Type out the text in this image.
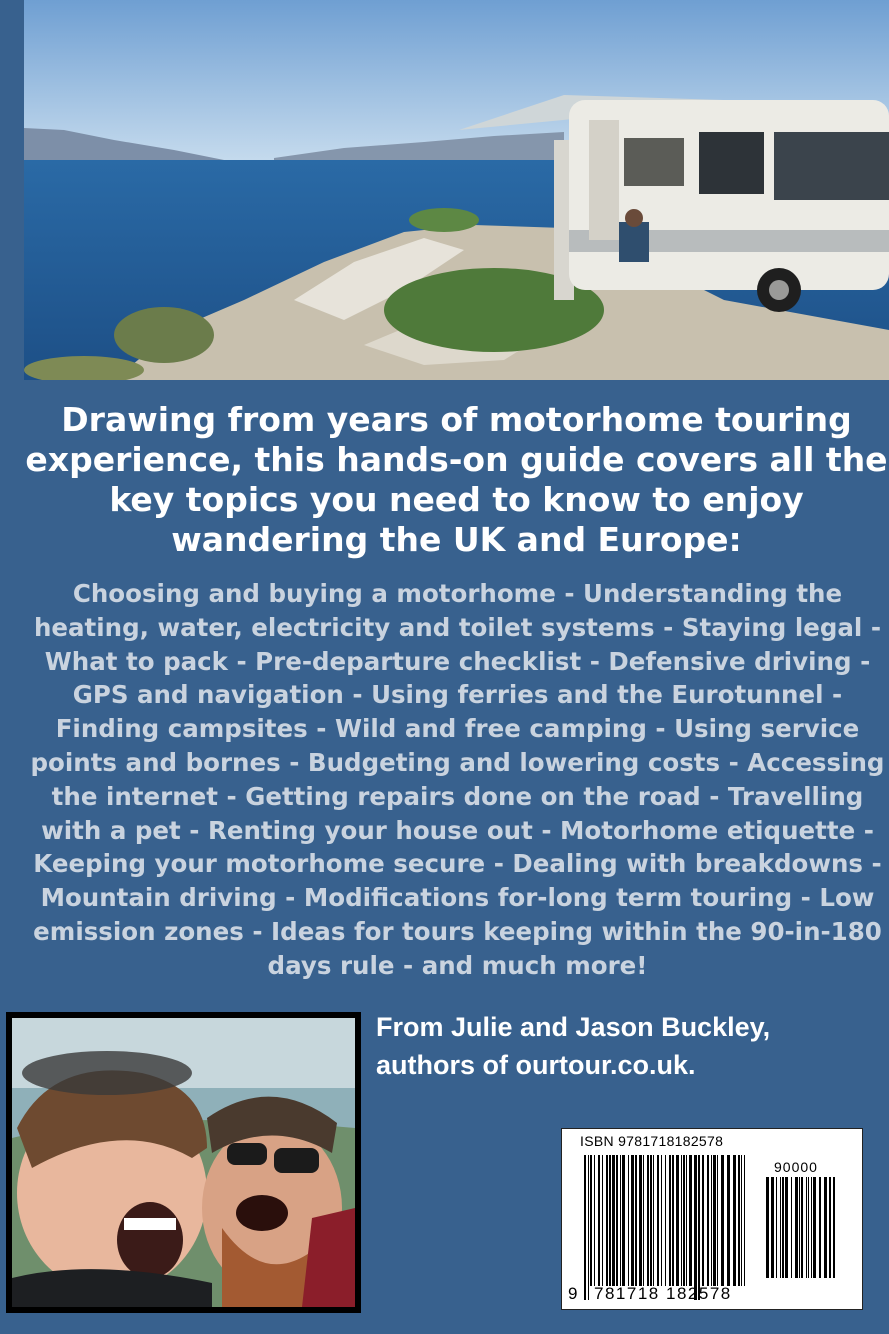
Drawing from years of motorhome touring experience, this hands-on guide covers all the key topics you need to know to enjoy wandering the UK and Europe:
Choosing and buying a motorhome - Understanding the heating, water, electricity and toilet systems - Staying legal - What to pack - Pre-departure checklist - Defensive driving - GPS and navigation - Using ferries and the Eurotunnel - Finding campsites - Wild and free camping - Using service points and bornes - Budgeting and lowering costs - Accessing the internet - Getting repairs done on the road - Travelling with a pet - Renting your house out - Motorhome etiquette - Keeping your motorhome secure - Dealing with breakdowns - Mountain driving - Modifications for-long term touring - Low emission zones - Ideas for tours keeping within the 90-in-180 days rule - and much more!
From Julie and Jason Buckley,
authors of ourtour.co.uk.
ISBN 9781718182578
90000
9 781718 182578
